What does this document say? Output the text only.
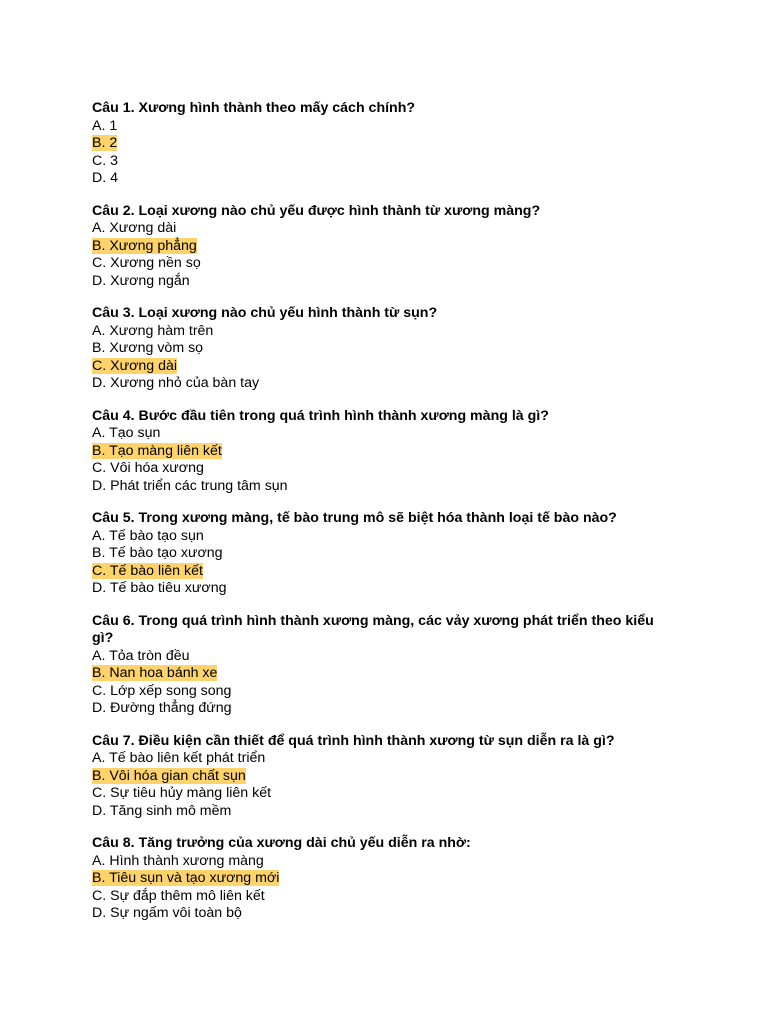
Câu 1. Xương hình thành theo mấy cách chính?
A. 1
B. 2
C. 3
D. 4
Câu 2. Loại xương nào chủ yếu được hình thành từ xương màng?
A. Xương dài
B. Xương phẳng
C. Xương nền sọ
D. Xương ngắn
Câu 3. Loại xương nào chủ yếu hình thành từ sụn?
A. Xương hàm trên
B. Xương vòm sọ
C. Xương dài
D. Xương nhỏ của bàn tay
Câu 4. Bước đầu tiên trong quá trình hình thành xương màng là gì?
A. Tạo sụn
B. Tạo màng liên kết
C. Vôi hóa xương
D. Phát triển các trung tâm sụn
Câu 5. Trong xương màng, tế bào trung mô sẽ biệt hóa thành loại tế bào nào?
A. Tế bào tạo sụn
B. Tế bào tạo xương
C. Tế bào liên kết
D. Tế bào tiêu xương
Câu 6. Trong quá trình hình thành xương màng, các vảy xương phát triển theo kiểu gì?
A. Tỏa tròn đều
B. Nan hoa bánh xe
C. Lớp xếp song song
D. Đường thẳng đứng
Câu 7. Điều kiện cần thiết để quá trình hình thành xương từ sụn diễn ra là gì?
A. Tế bào liên kết phát triển
B. Vôi hóa gian chất sụn
C. Sự tiêu hủy màng liên kết
D. Tăng sinh mô mềm
Câu 8. Tăng trưởng của xương dài chủ yếu diễn ra nhờ:
A. Hình thành xương màng
B. Tiêu sụn và tạo xương mới
C. Sự đắp thêm mô liên kết
D. Sự ngấm vôi toàn bộ
